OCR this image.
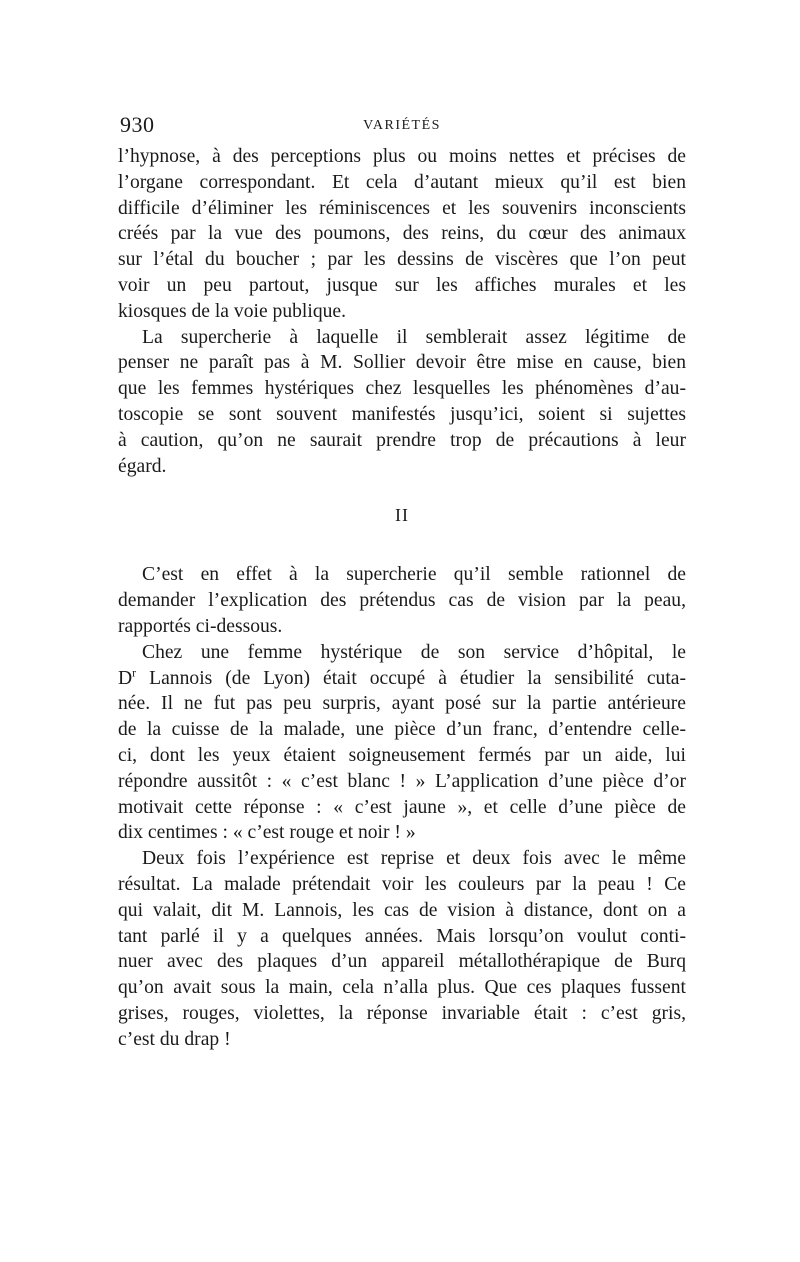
930	VARIÉTÉS

l’hypnose, à des perceptions plus ou moins nettes et précises de
l’organe correspondant. Et cela d’autant mieux qu’il est bien
difficile d’éliminer les réminiscences et les souvenirs inconscients
créés par la vue des poumons, des reins, du cœur des animaux
sur l’étal du boucher ; par les dessins de viscères que l’on peut
voir un peu partout, jusque sur les affiches murales et les
kiosques de la voie publique.

La supercherie à laquelle il semblerait assez légitime de
penser ne paraît pas à M. Sollier devoir être mise en cause, bien
que les femmes hystériques chez lesquelles les phénomènes d’au-
toscopie se sont souvent manifestés jusqu’ici, soient si sujettes
à caution, qu’on ne saurait prendre trop de précautions à leur
égard.

II

C’est en effet à la supercherie qu’il semble rationnel de
demander l’explication des prétendus cas de vision par la peau,
rapportés ci-dessous.

Chez une femme hystérique de son service d’hôpital, le
$D^r$ Lannois (de Lyon) était occupé à étudier la sensibilité cuta-
née. Il ne fut pas peu surpris, ayant posé sur la partie antérieure
de la cuisse de la malade, une pièce d’un franc, d’entendre celle-
ci, dont les yeux étaient soigneusement fermés par un aide, lui
répondre aussitôt : « c’est blanc ! » L’application d’une pièce d’or
motivait cette réponse : « c’est jaune », et celle d’une pièce de
dix centimes : « c’est rouge et noir ! »

Deux fois l’expérience est reprise et deux fois avec le même
résultat. La malade prétendait voir les couleurs par la peau ! Ce
qui valait, dit M. Lannois, les cas de vision à distance, dont on a
tant parlé il y a quelques années. Mais lorsqu’on voulut conti-
nuer avec des plaques d’un appareil métallothérapique de Burq
qu’on avait sous la main, cela n’alla plus. Que ces plaques fussent
grises, rouges, violettes, la réponse invariable était : c’est gris,
c’est du drap !
